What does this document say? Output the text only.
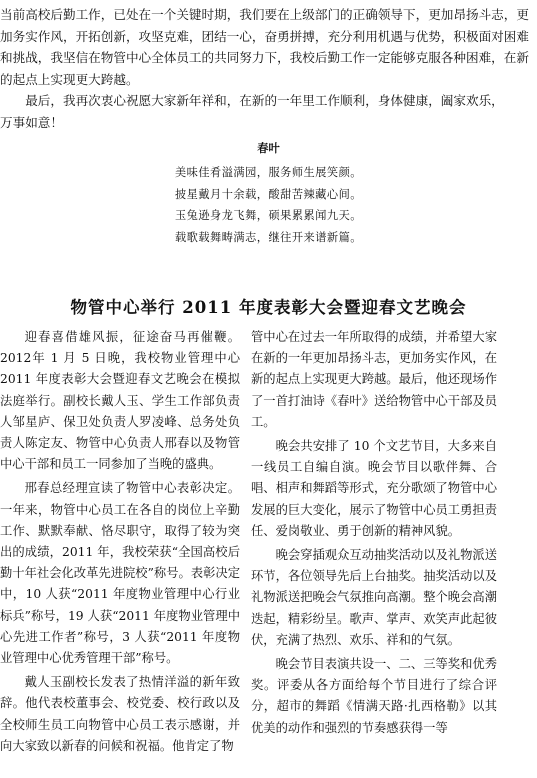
当前高校后勤工作，已处在一个关键时期，我们要在上级部门的正确领导下，更加昂扬斗志，更加务实作风，开拓创新，攻坚克难，团结一心，奋勇拼搏，充分利用机遇与优势，积极面对困难和挑战，我坚信在物管中心全体员工的共同努力下，我校后勤工作一定能够克服各种困难，在新的起点上实现更大跨越。

最后，我再次衷心祝愿大家新年祥和，在新的一年里工作顺利，身体健康，阖家欢乐，

万事如意！

春叶
美味佳肴溢满园，服务师生展笑颜。
披星戴月十余载，酸甜苦辣藏心间。
玉兔逊身龙飞舞，硕果累累闻九天。
载歌载舞畴满志，继往开来谱新篇。
物管中心举行 2011 年度表彰大会暨迎春文艺晚会

迎春喜借雄风振，征途奋马再催鞭。2012年 1 月 5 日晚，我校物业管理中心 2011 年度表彰大会暨迎春文艺晚会在模拟法庭举行。副校长戴人玉、学生工作部负责人邹星庐、保卫处负责人罗凌峰、总务处负责人陈定友、物管中心负责人邢春以及物管中心干部和员工一同参加了当晚的盛典。

邢春总经理宣读了物管中心表彰决定。一年来，物管中心员工在各自的岗位上辛勤工作、默默奉献、恪尽职守，取得了较为突出的成绩，2011 年，我校荣获“全国高校后勤十年社会化改革先进院校”称号。表彰决定中，10 人获“2011 年度物业管理中心行业标兵”称号，19 人获“2011 年度物业管理中心先进工作者”称号，3 人获“2011 年度物业管理中心优秀管理干部”称号。

戴人玉副校长发表了热情洋溢的新年致辞。他代表校董事会、校党委、校行政以及全校师生员工向物管中心员工表示感谢，并向大家致以新春的问候和祝福。他肯定了物

管中心在过去一年所取得的成绩，并希望大家在新的一年更加昂扬斗志，更加务实作风，在新的起点上实现更大跨越。最后，他还现场作了一首打油诗《春叶》送给物管中心干部及员工。

晚会共安排了 10 个文艺节目，大多来自一线员工自编自演。晚会节目以歌伴舞、合唱、相声和舞蹈等形式，充分歌颂了物管中心发展的巨大变化，展示了物管中心员工勇担责任、爱岗敬业、勇于创新的精神风貌。

晚会穿插观众互动抽奖活动以及礼物派送环节，各位领导先后上台抽奖。抽奖活动以及礼物派送把晚会气氛推向高潮。整个晚会高潮迭起，精彩纷呈。歌声、掌声、欢笑声此起彼伏，充满了热烈、欢乐、祥和的气氛。

晚会节目表演共设一、二、三等奖和优秀奖。评委从各方面给每个节目进行了综合评分，超市的舞蹈《情满天路·扎西格勒》以其优美的动作和强烈的节奏感获得一等
